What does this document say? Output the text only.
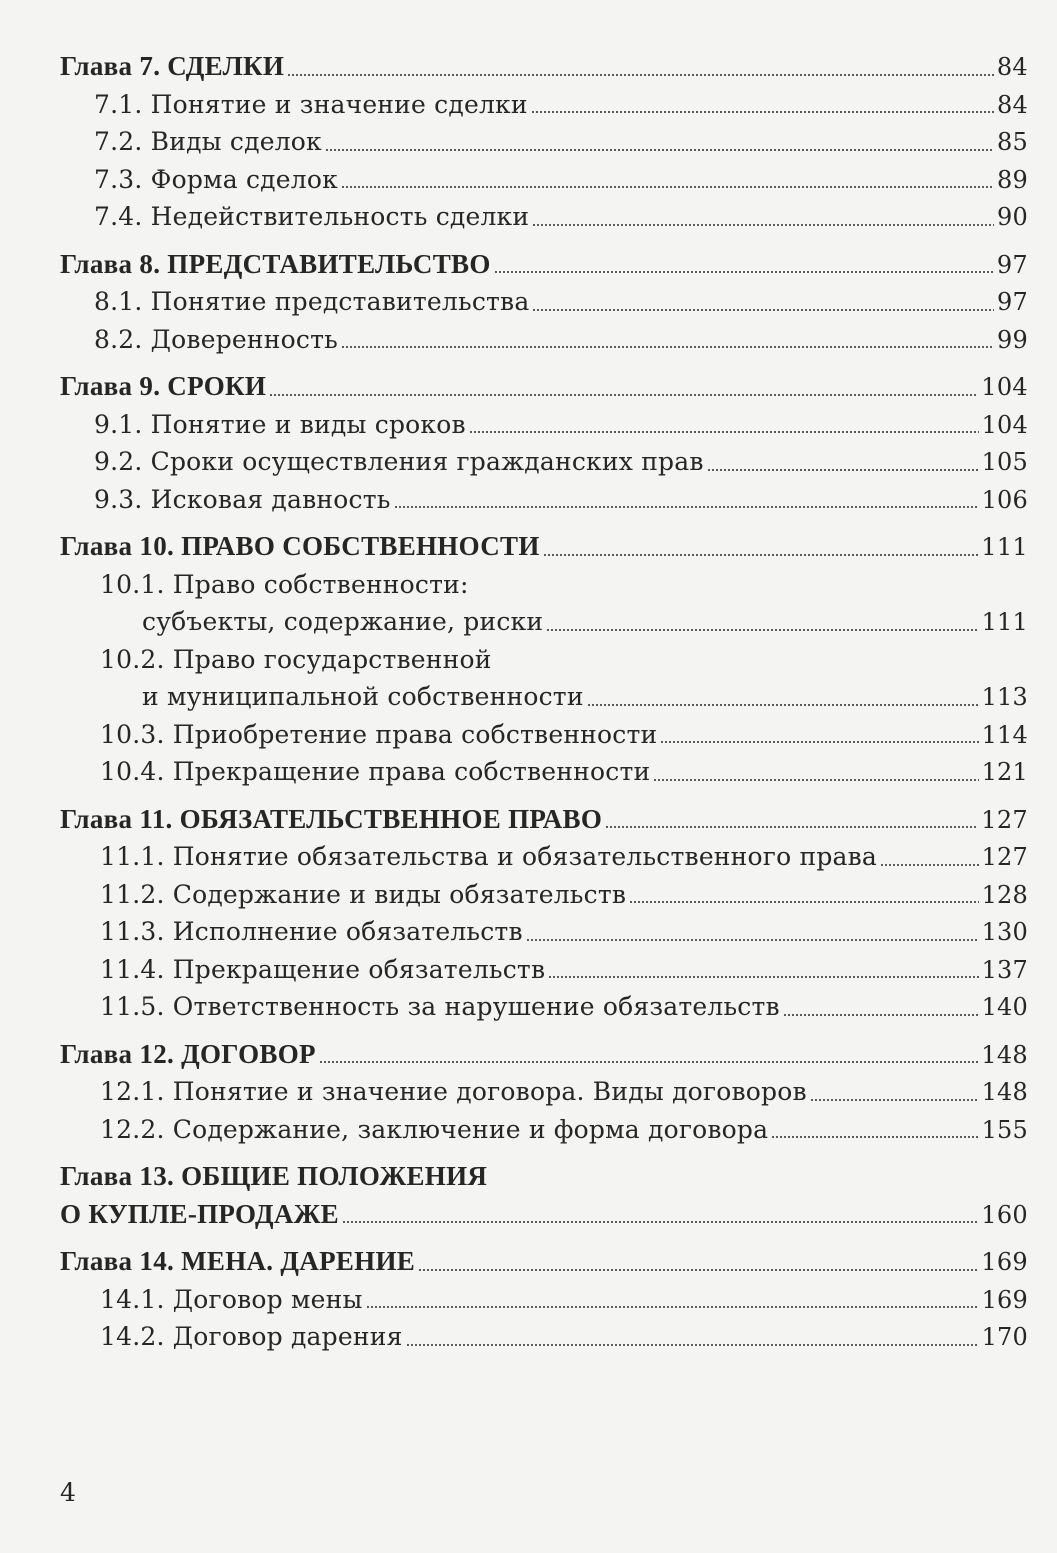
Глава 7. СДЕЛКИ	84
7.1. Понятие и значение сделки	84
7.2. Виды сделок	85
7.3. Форма сделок	89
7.4. Недействительность сделки	90
Глава 8. ПРЕДСТАВИТЕЛЬСТВО	97
8.1. Понятие представительства	97
8.2. Доверенность	99
Глава 9. СРОКИ	104
9.1. Понятие и виды сроков	104
9.2. Сроки осуществления гражданских прав	105
9.3. Исковая давность	106
Глава 10. ПРАВО СОБСТВЕННОСТИ	111
10.1. Право собственности:
субъекты, содержание, риски	111
10.2. Право государственной
и муниципальной собственности	113
10.3. Приобретение права собственности	114
10.4. Прекращение права собственности	121
Глава 11. ОБЯЗАТЕЛЬСТВЕННОЕ ПРАВО	127
11.1. Понятие обязательства и обязательственного права	127
11.2. Содержание и виды обязательств	128
11.3. Исполнение обязательств	130
11.4. Прекращение обязательств	137
11.5. Ответственность за нарушение обязательств	140
Глава 12. ДОГОВОР	148
12.1. Понятие и значение договора. Виды договоров	148
12.2. Содержание, заключение и форма договора	155
Глава 13. ОБЩИЕ ПОЛОЖЕНИЯ
О КУПЛЕ-ПРОДАЖЕ	160
Глава 14. МЕНА. ДАРЕНИЕ	169
14.1. Договор мены	169
14.2. Договор дарения	170
4
